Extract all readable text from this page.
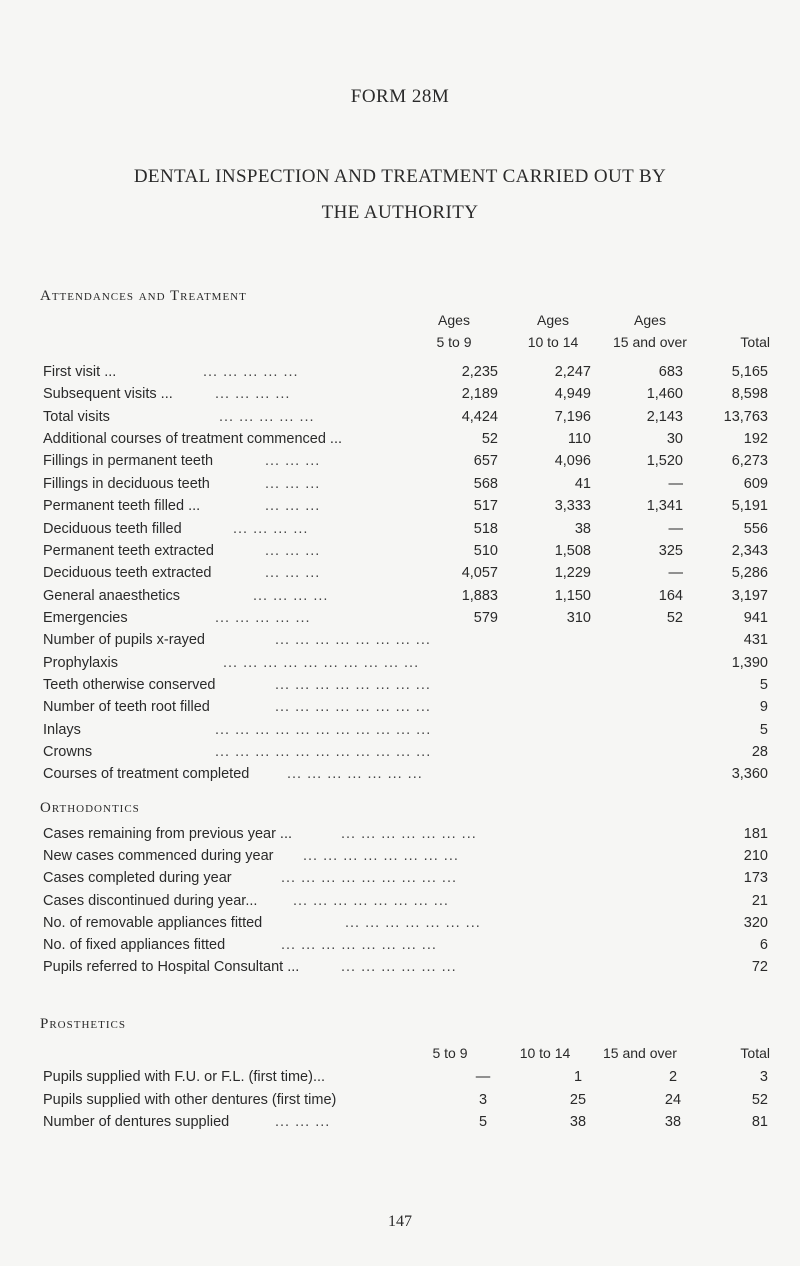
FORM 28M
DENTAL INSPECTION AND TREATMENT CARRIED OUT BY
THE AUTHORITY
Attendances and Treatment
Ages	Ages	Ages
5 to 9	10 to 14	15 and over	Total
First visit ...	... ... ... ... ...	2,235	2,247	683	5,165
Subsequent visits ...	... ... ... ...	2,189	4,949	1,460	8,598
Total visits	... ... ... ... ...	4,424	7,196	2,143	13,763
Additional courses of treatment commenced ...	52	110	30	192
Fillings in permanent teeth	... ... ...	657	4,096	1,520	6,273
Fillings in deciduous teeth	... ... ...	568	41	—	609
Permanent teeth filled ...	... ... ...	517	3,333	1,341	5,191
Deciduous teeth filled	... ... ... ...	518	38	—	556
Permanent teeth extracted	... ... ...	510	1,508	325	2,343
Deciduous teeth extracted	... ... ...	4,057	1,229	—	5,286
General anaesthetics	... ... ... ...	1,883	1,150	164	3,197
Emergencies	... ... ... ... ...	579	310	52	941
Number of pupils x-rayed	... ... ... ... ... ... ... ...	431
Prophylaxis	... ... ... ... ... ... ... ... ... ...	1,390
Teeth otherwise conserved	... ... ... ... ... ... ... ...	5
Number of teeth root filled	... ... ... ... ... ... ... ...	9
Inlays	... ... ... ... ... ... ... ... ... ... ...	5
Crowns	... ... ... ... ... ... ... ... ... ... ...	28
Courses of treatment completed	... ... ... ... ... ... ...	3,360
Orthodontics
Cases remaining from previous year ...	... ... ... ... ... ... ...	181
New cases commenced during year ... ... ... ... ... ... ... ...	210
Cases completed during year	... ... ... ... ... ... ... ... ...	173
Cases discontinued during year... ... ... ... ... ... ... ... ...	21
No. of removable appliances fitted	... ... ... ... ... ... ...	320
No. of fixed appliances fitted	... ... ... ... ... ... ... ...	6
Pupils referred to Hospital Consultant ...	... ... ... ... ... ...	72
Prosthetics
5 to 9	10 to 14	15 and over	Total
Pupils supplied with F.U. or F.L. (first time)...	—	1	2	3
Pupils supplied with other dentures (first time)	3	25	24	52
Number of dentures supplied	... ... ...	5	38	38	81
147
